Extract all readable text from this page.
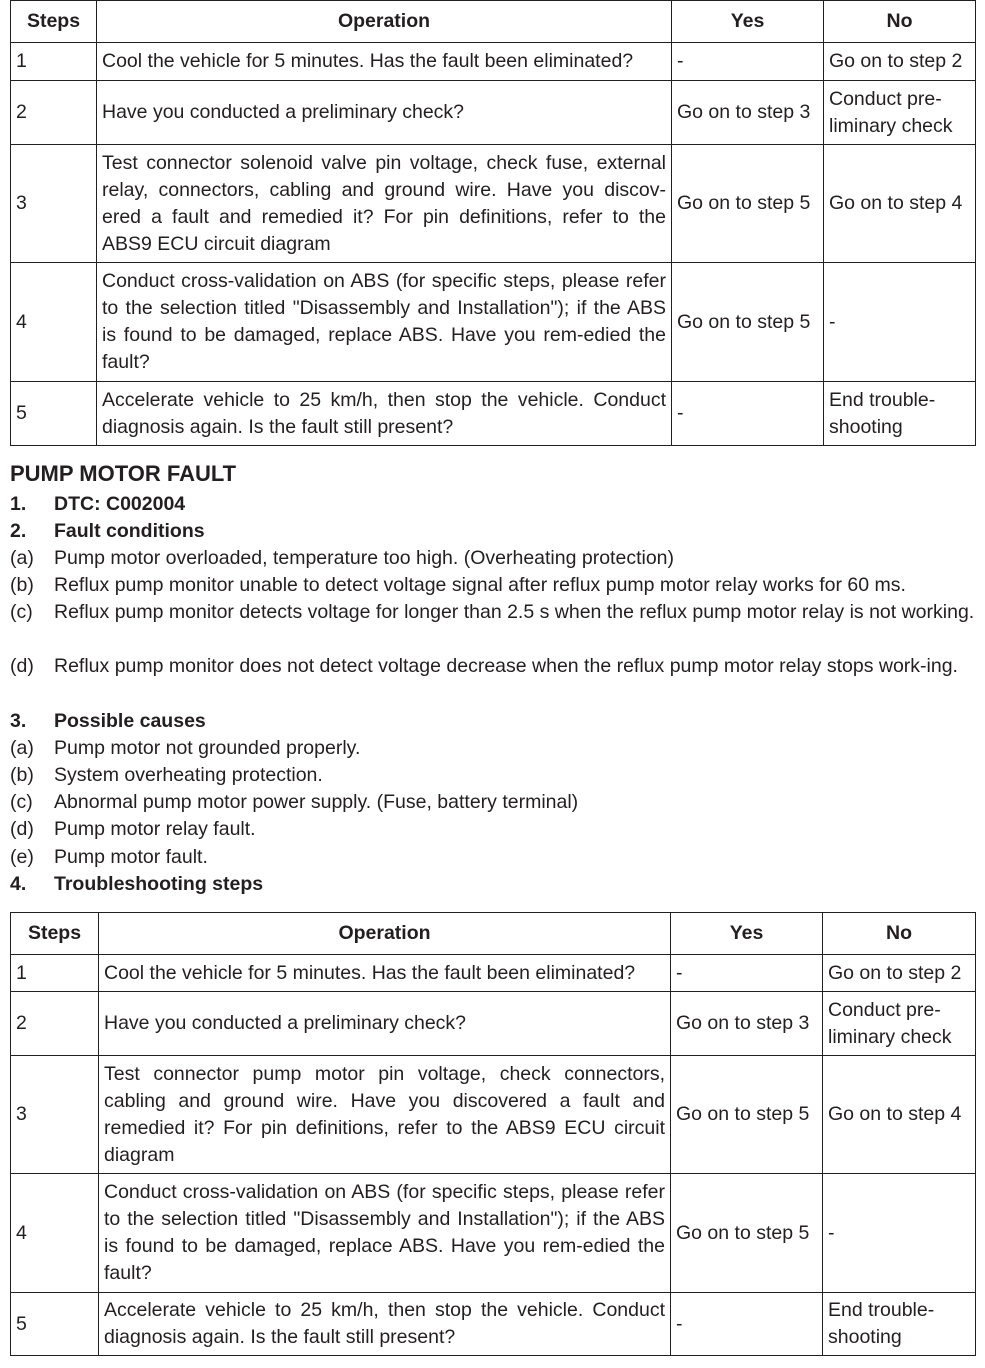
Steps	Operation	Yes	No
1	Cool the vehicle for 5 minutes. Has the fault been eliminated?	-	Go on to step 2
2	Have you conducted a preliminary check?	Go on to step 3	Conduct pre-liminary check
3	Test connector solenoid valve pin voltage, check fuse, external relay, connectors, cabling and ground wire. Have you discov-ered a fault and remedied it? For pin definitions, refer to the ABS9 ECU circuit diagram	Go on to step 5	Go on to step 4
4	Conduct cross-validation on ABS (for specific steps, please refer to the selection titled "Disassembly and Installation"); if the ABS is found to be damaged, replace ABS. Have you rem-edied the fault?	Go on to step 5	-
5	Accelerate vehicle to 25 km/h, then stop the vehicle. Conduct diagnosis again. Is the fault still present?	-	End trouble-shooting
PUMP MOTOR FAULT
1. DTC: C002004
2. Fault conditions
(a) Pump motor overloaded, temperature too high. (Overheating protection)
(b) Reflux pump monitor unable to detect voltage signal after reflux pump motor relay works for 60 ms.
(c) Reflux pump monitor detects voltage for longer than 2.5 s when the reflux pump motor relay is not working.
(d) Reflux pump monitor does not detect voltage decrease when the reflux pump motor relay stops work-ing.
3. Possible causes
(a) Pump motor not grounded properly.
(b) System overheating protection.
(c) Abnormal pump motor power supply. (Fuse, battery terminal)
(d) Pump motor relay fault.
(e) Pump motor fault.
4. Troubleshooting steps
Steps	Operation	Yes	No
1	Cool the vehicle for 5 minutes. Has the fault been eliminated?	-	Go on to step 2
2	Have you conducted a preliminary check?	Go on to step 3	Conduct pre-liminary check
3	Test connector pump motor pin voltage, check connectors, cabling and ground wire. Have you discovered a fault and remedied it? For pin definitions, refer to the ABS9 ECU circuit diagram	Go on to step 5	Go on to step 4
4	Conduct cross-validation on ABS (for specific steps, please refer to the selection titled "Disassembly and Installation"); if the ABS is found to be damaged, replace ABS. Have you rem-edied the fault?	Go on to step 5	-
5	Accelerate vehicle to 25 km/h, then stop the vehicle. Conduct diagnosis again. Is the fault still present?	-	End trouble-shooting
